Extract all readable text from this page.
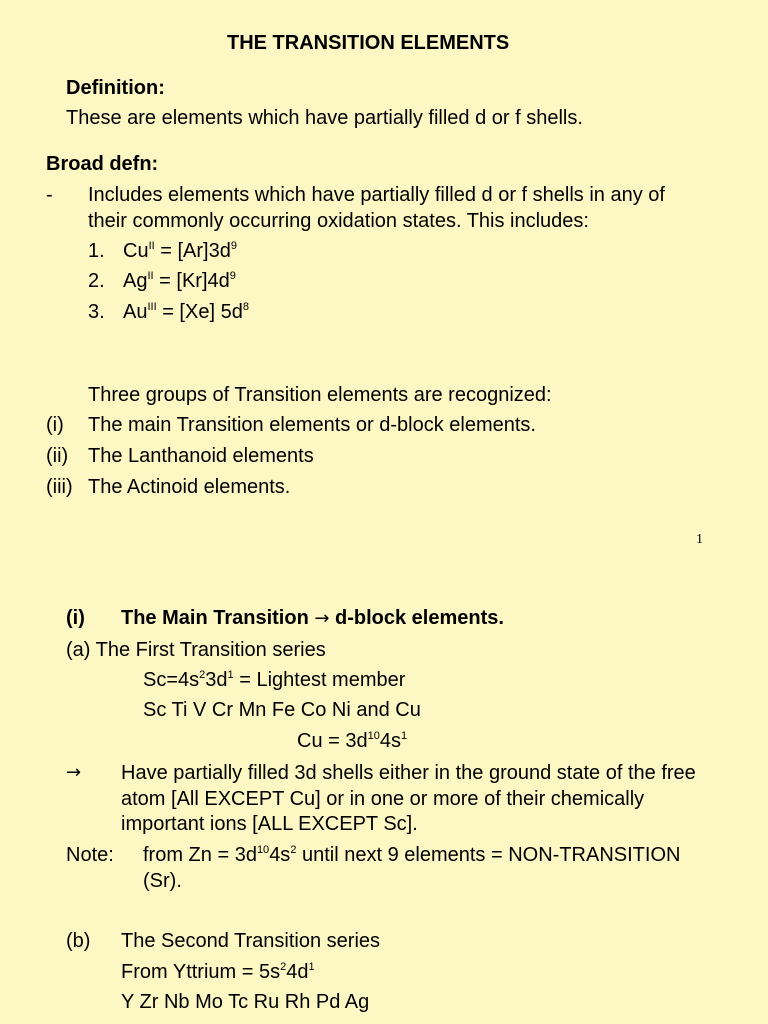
THE TRANSITION ELEMENTS
Definition:
These are elements which have partially filled d or f shells.
Broad defn:
- Includes elements which have partially filled d or f shells in any of
their commonly occurring oxidation states. This includes:
1. $Cu^{II} = [Ar]3d^9$
2. $Ag^{II} = [Kr]4d^9$
3. $Au^{III} = [Xe]$ $5d^8$
Three groups of Transition elements are recognized:
(i) The main Transition elements or d-block elements.
(ii) The Lanthanoid elements
(iii) The Actinoid elements.
1
(i) The Main Transition → d-block elements.
(a) The First Transition series
$Sc=4s^23d^1$ = Lightest member
Sc Ti V Cr Mn Fe Co Ni and Cu
$Cu = 3d^{10}4s^1$
→ Have partially filled 3d shells either in the ground state of the free
atom [All EXCEPT Cu] or in one or more of their chemically
important ions [ALL EXCEPT Sc].
Note: from $Zn = 3d^{10}4s^2$ until next 9 elements = NON-TRANSITION
(Sr).
(b) The Second Transition series
From Yttrium = $5s^24d^1$
Y Zr Nb Mo Tc Ru Rh Pd Ag
